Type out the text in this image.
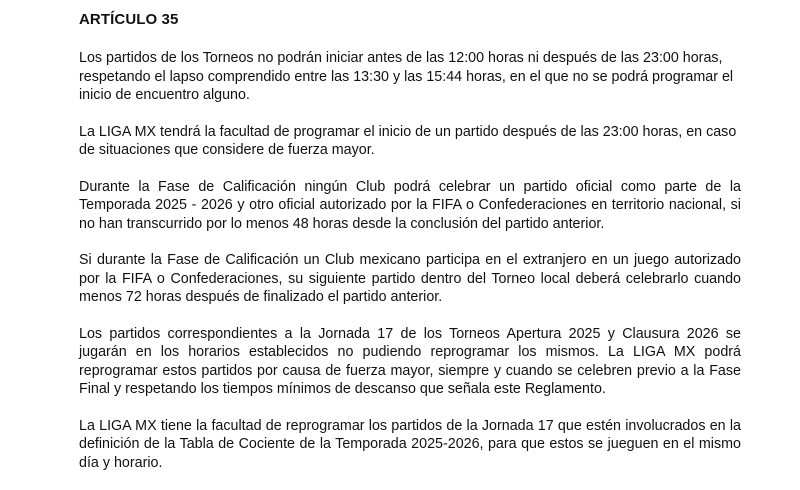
ARTÍCULO 35

Los partidos de los Torneos no podrán iniciar antes de las 12:00 horas ni después de las 23:00 horas, respetando el lapso comprendido entre las 13:30 y las 15:44 horas, en el que no se podrá programar el inicio de encuentro alguno.

La LIGA MX tendrá la facultad de programar el inicio de un partido después de las 23:00 horas, en caso de situaciones que considere de fuerza mayor.

Durante la Fase de Calificación ningún Club podrá celebrar un partido oficial como parte de la Temporada 2025 - 2026 y otro oficial autorizado por la FIFA o Confederaciones en territorio nacional, si no han transcurrido por lo menos 48 horas desde la conclusión del partido anterior.

Si durante la Fase de Calificación un Club mexicano participa en el extranjero en un juego autorizado por la FIFA o Confederaciones, su siguiente partido dentro del Torneo local deberá celebrarlo cuando menos 72 horas después de finalizado el partido anterior.

Los partidos correspondientes a la Jornada 17 de los Torneos Apertura 2025 y Clausura 2026 se jugarán en los horarios establecidos no pudiendo reprogramar los mismos. La LIGA MX podrá reprogramar estos partidos por causa de fuerza mayor, siempre y cuando se celebren previo a la Fase Final y respetando los tiempos mínimos de descanso que señala este Reglamento.

La LIGA MX tiene la facultad de reprogramar los partidos de la Jornada 17 que estén involucrados en la definición de la Tabla de Cociente de la Temporada 2025-2026, para que estos se jueguen en el mismo día y horario.
